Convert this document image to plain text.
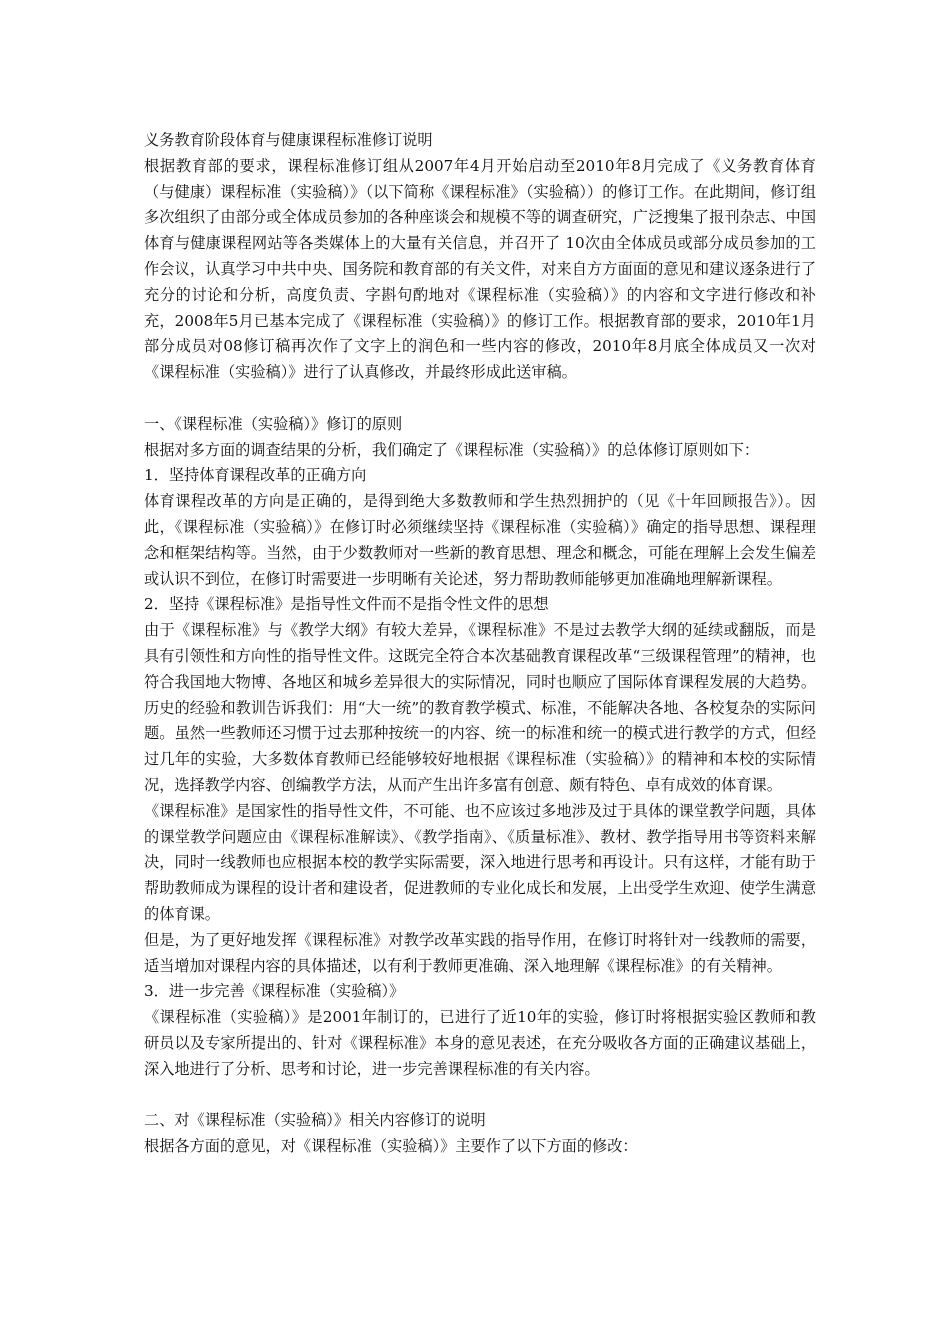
义务教育阶段体育与健康课程标准修订说明

根据教育部的要求，课程标准修订组从2007年4月开始启动至2010年8月完成了《义务教育体育（与健康）课程标准（实验稿）》（以下简称《课程标准》（实验稿））的修订工作。在此期间，修订组多次组织了由部分或全体成员参加的各种座谈会和规模不等的调查研究，广泛搜集了报刊杂志、中国体育与健康课程网站等各类媒体上的大量有关信息，并召开了 10次由全体成员或部分成员参加的工作会议，认真学习中共中央、国务院和教育部的有关文件，对来自方方面面的意见和建议逐条进行了充分的讨论和分析，高度负责、字斟句酌地对《课程标准（实验稿）》的内容和文字进行修改和补充，2008年5月已基本完成了《课程标准（实验稿）》的修订工作。根据教育部的要求，2010年1月部分成员对08修订稿再次作了文字上的润色和一些内容的修改，2010年8月底全体成员又一次对《课程标准（实验稿）》进行了认真修改，并最终形成此送审稿。

一、《课程标准（实验稿）》修订的原则

根据对多方面的调查结果的分析，我们确定了《课程标准（实验稿）》的总体修订原则如下：

1．坚持体育课程改革的正确方向

体育课程改革的方向是正确的，是得到绝大多数教师和学生热烈拥护的（见《十年回顾报告》）。因此，《课程标准（实验稿）》在修订时必须继续坚持《课程标准（实验稿）》确定的指导思想、课程理念和框架结构等。当然，由于少数教师对一些新的教育思想、理念和概念，可能在理解上会发生偏差或认识不到位，在修订时需要进一步明晰有关论述，努力帮助教师能够更加准确地理解新课程。

2．坚持《课程标准》是指导性文件而不是指令性文件的思想

由于《课程标准》与《教学大纲》有较大差异，《课程标准》不是过去教学大纲的延续或翻版，而是具有引领性和方向性的指导性文件。这既完全符合本次基础教育课程改革“三级课程管理”的精神，也符合我国地大物博、各地区和城乡差异很大的实际情况，同时也顺应了国际体育课程发展的大趋势。历史的经验和教训告诉我们：用“大一统”的教育教学模式、标准，不能解决各地、各校复杂的实际问题。虽然一些教师还习惯于过去那种按统一的内容、统一的标准和统一的模式进行教学的方式，但经过几年的实验，大多数体育教师已经能够较好地根据《课程标准（实验稿）》的精神和本校的实际情况，选择教学内容、创编教学方法，从而产生出许多富有创意、颇有特色、卓有成效的体育课。

《课程标准》是国家性的指导性文件，不可能、也不应该过多地涉及过于具体的课堂教学问题，具体的课堂教学问题应由《课程标准解读》、《教学指南》、《质量标准》、教材、教学指导用书等资料来解决，同时一线教师也应根据本校的教学实际需要，深入地进行思考和再设计。只有这样，才能有助于帮助教师成为课程的设计者和建设者，促进教师的专业化成长和发展，上出受学生欢迎、使学生满意的体育课。

但是，为了更好地发挥《课程标准》对教学改革实践的指导作用，在修订时将针对一线教师的需要，适当增加对课程内容的具体描述，以有利于教师更准确、深入地理解《课程标准》的有关精神。

3．进一步完善《课程标准（实验稿）》

《课程标准（实验稿）》是2001年制订的，已进行了近10年的实验，修订时将根据实验区教师和教研员以及专家所提出的、针对《课程标准》本身的意见表述，在充分吸收各方面的正确建议基础上，深入地进行了分析、思考和讨论，进一步完善课程标准的有关内容。

二、对《课程标准（实验稿）》相关内容修订的说明

根据各方面的意见，对《课程标准（实验稿）》主要作了以下方面的修改：
